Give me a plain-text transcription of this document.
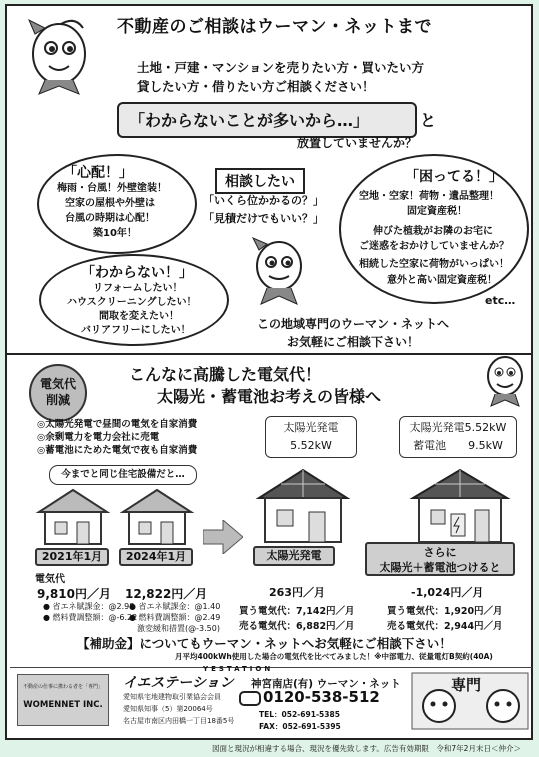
不動産のご相談はウーマン・ネットまで
土地・戸建・マンションを売りたい方・買いたい方
貸したい方・借りたい方ご相談ください！
「わからないことが多いから…」	と
放置していませんか？
「心配！」
梅雨・台風！外壁塗装！
空家の屋根や外壁は
台風の時期は心配！
築10年！
相談したい
「いくら位かかるの？」
「見積だけでもいい？」
「困ってる！」
空地・空家！荷物・遺品整理！
固定資産税！
伸びた植栽がお隣のお宅に
ご迷惑をおかけしていませんか？
相続した空家に荷物がいっぱい！
意外と高い固定資産税！
「わからない！」
リフォームしたい！
ハウスクリーニングしたい！
間取を変えたい！
バリアフリーにしたい！
etc…
この地域専門のウーマン・ネットへ
お気軽にご相談下さい！
電気代
削減
こんなに高騰した電気代！
太陽光・蓄電池お考えの皆様へ
◎太陽光発電で昼間の電気を自家消費
◎余剰電力を電力会社に売電
◎蓄電池にためた電気で夜も自家消費
今までと同じ住宅設備だと…
太陽光発電
5.52kW
太陽光発電5.52kW
蓄電池　　9.5kW
2021年1月	2024年1月	太陽光発電	さらに
太陽光＋蓄電池つけると
電気代
9,810円／月
● 省エネ賦課金：@2.98
● 燃料費調整額：@-6.22
12,822円／月
● 省エネ賦課金：@1.40
● 燃料費調整額：@2.49
　激変緩和措置(@-3.50)
263円／月
買う電気代：7,142円／月
売る電気代：6,882円／月
-1,024円／月
買う電気代：1,920円／月
売る電気代：2,944円／月
【補助金】についてもウーマン・ネットへお気軽にご相談下さい！
月平均400kWh使用した場合の電気代を比べてみました！※中部電力、従量電灯B契約(40A)
不動産の仕事に携わる者を「専門」
WOMENNET INC.
YESTATION
イエステーション 神宮南店(有) ウーマン・ネット
愛知県宅地建物取引業協会会員
愛知県知事（5）第20064号
名古屋市南区内田橋一丁目18番5号
0120-538-512
TEL：052-691-5385
FAX：052-691-5395
専門
図面と現況が相違する場合、現況を優先致します。広告有効期限　令和7年2月末日＜仲介＞
